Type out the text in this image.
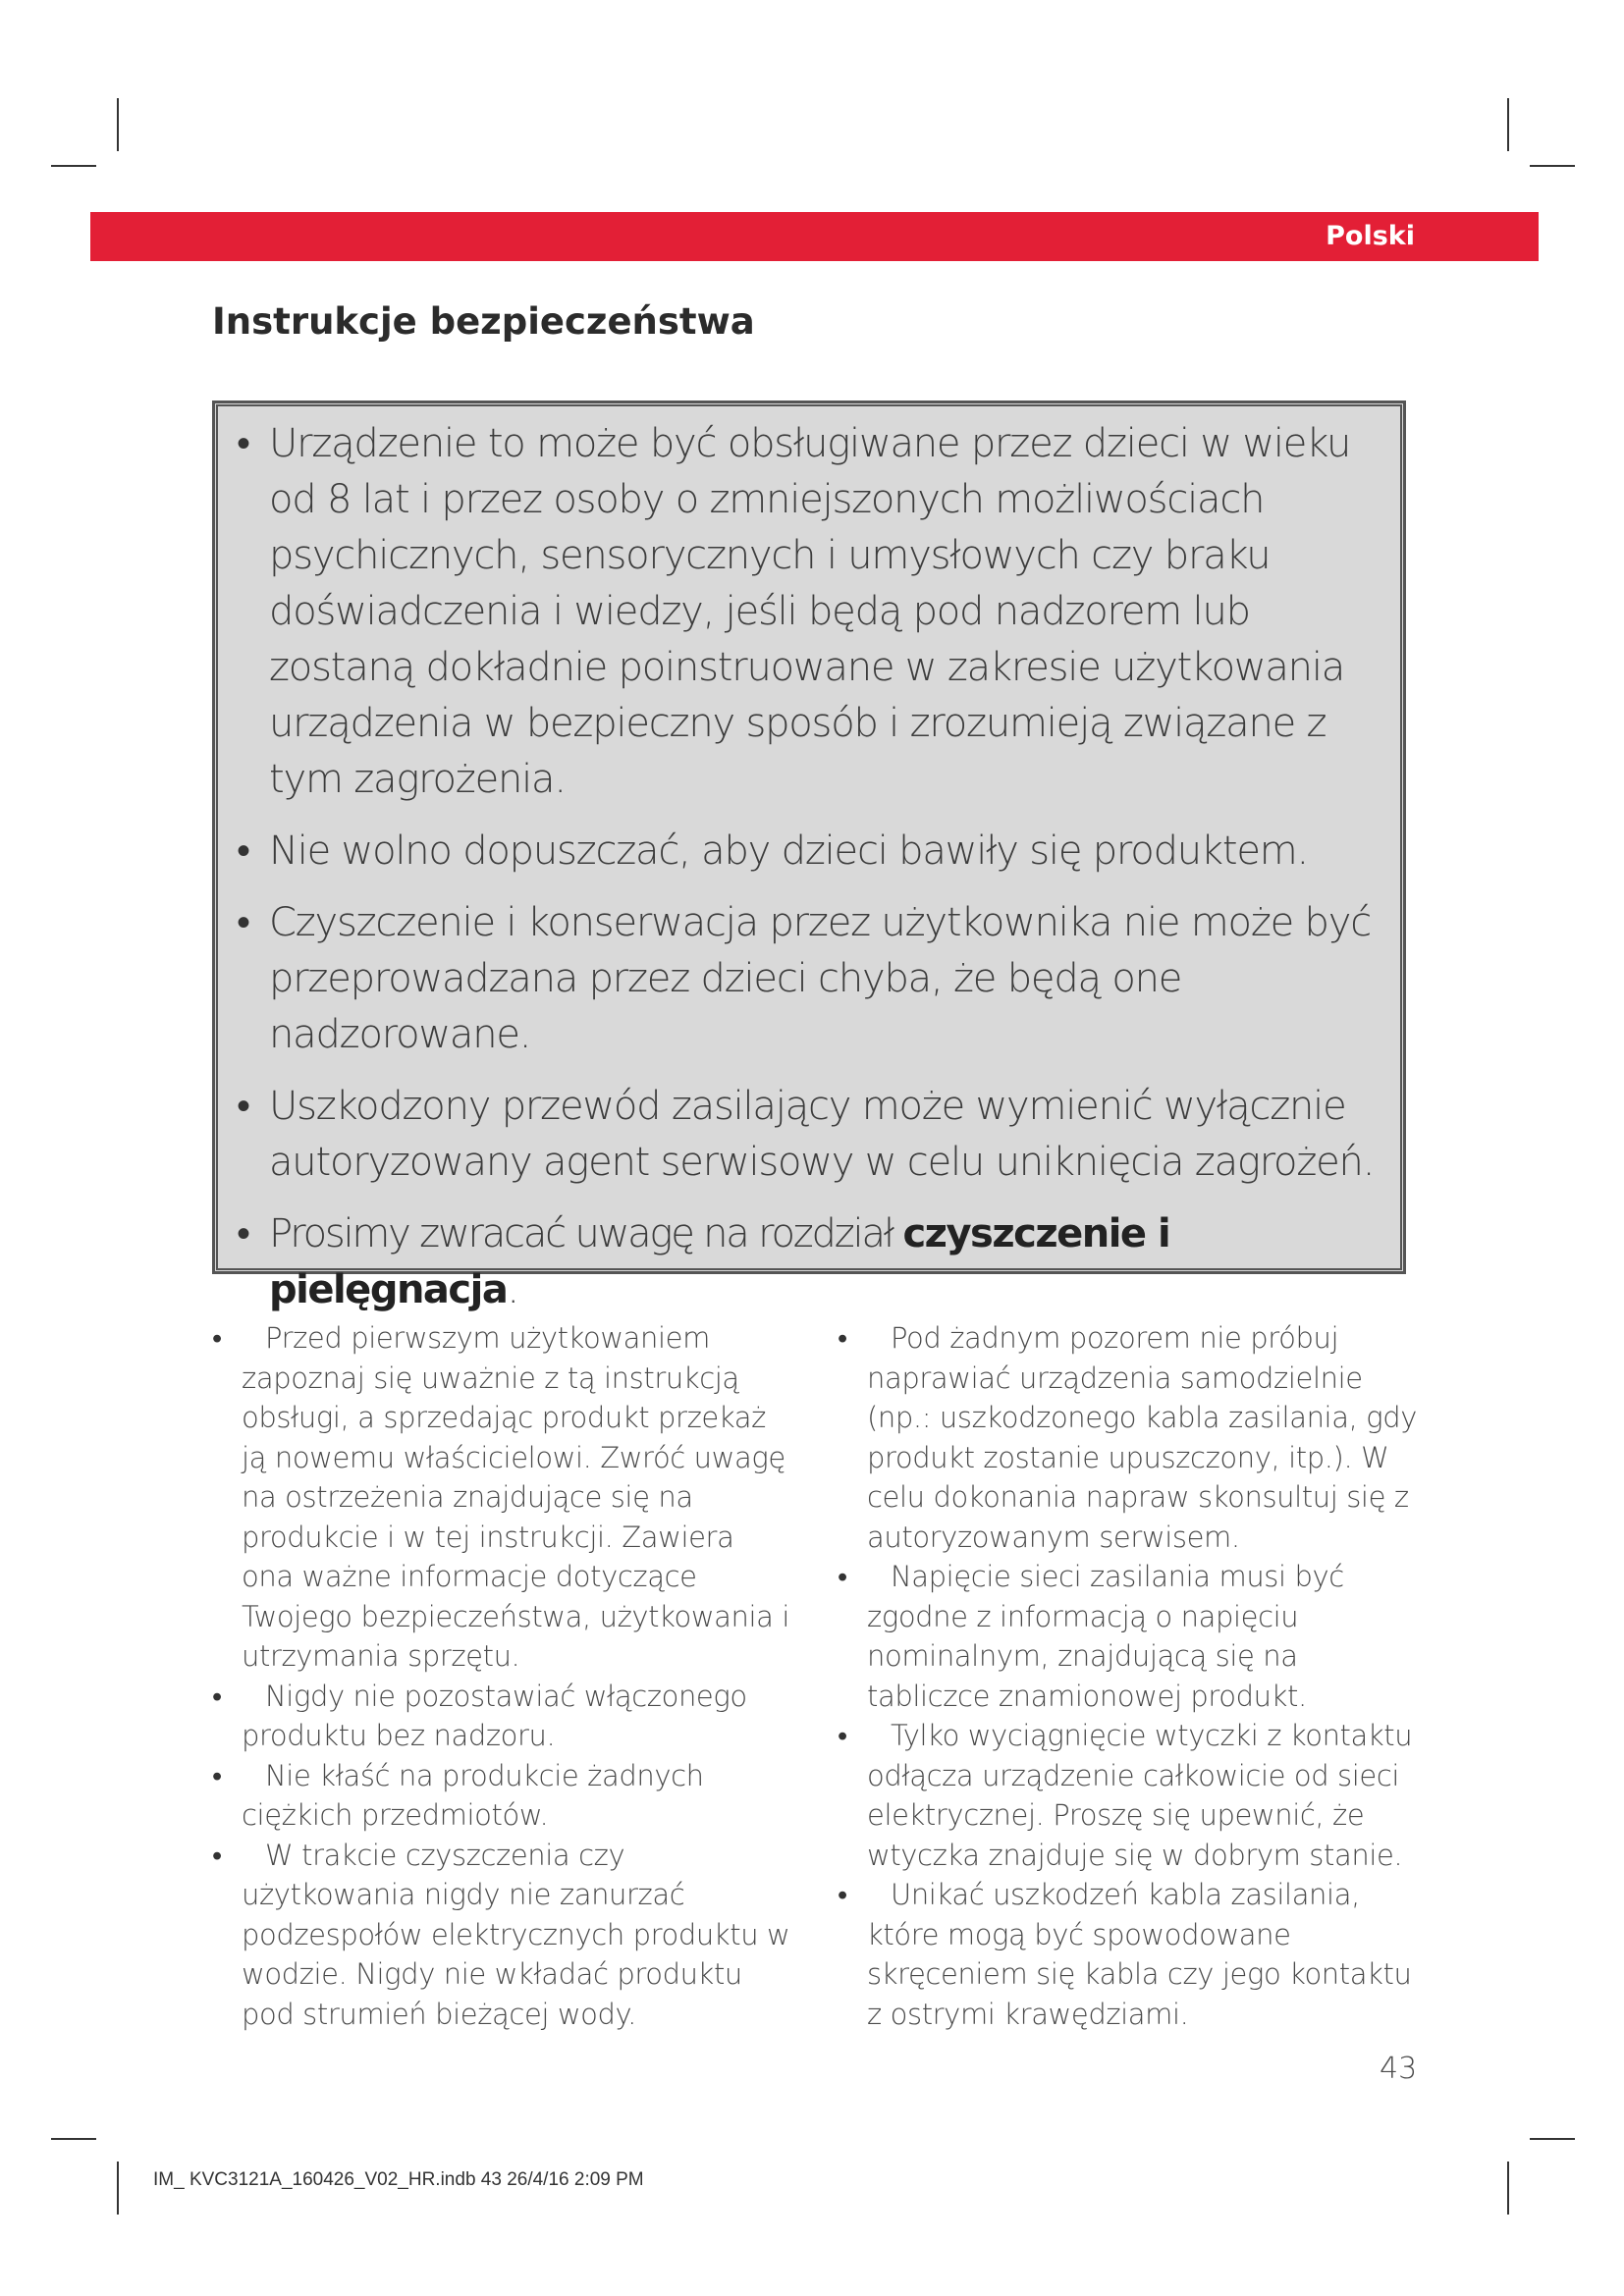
Polski
Instrukcje bezpieczeństwa
• Urządzenie to może być obsługiwane przez dzieci w wieku od 8 lat i przez osoby o zmniejszonych możliwościach psychicznych, sensorycznych i umysłowych czy braku doświadczenia i wiedzy, jeśli będą pod nadzorem lub zostaną dokładnie poinstruowane w zakresie użytkowania urządzenia w bezpieczny sposób i zrozumieją związane z tym zagrożenia.
• Nie wolno dopuszczać, aby dzieci bawiły się produktem.
• Czyszczenie i konserwacja przez użytkownika nie może być przeprowadzana przez dzieci chyba, że będą one nadzorowane.
• Uszkodzony przewód zasilający może wymienić wyłącznie autoryzowany agent serwisowy w celu uniknięcia zagrożeń.
• Prosimy zwracać uwagę na rozdział czyszczenie i pielęgnacja.
•	Przed pierwszym użytkowaniem zapoznaj się uważnie z tą instrukcją obsługi, a sprzedając produkt przekaż ją nowemu właścicielowi. Zwróć uwagę na ostrzeżenia znajdujące się na produkcie i w tej instrukcji. Zawiera ona ważne informacje dotyczące Twojego bezpieczeństwa, użytkowania i utrzymania sprzętu.
•	Nigdy nie pozostawiać włączonego produktu bez nadzoru.
•	Nie kłaść na produkcie żadnych ciężkich przedmiotów.
•	W trakcie czyszczenia czy użytkowania nigdy nie zanurzać podzespołów elektrycznych produktu w wodzie. Nigdy nie wkładać produktu pod strumień bieżącej wody.
•	Pod żadnym pozorem nie próbuj naprawiać urządzenia samodzielnie (np.: uszkodzonego kabla zasilania, gdy produkt zostanie upuszczony, itp.). W celu dokonania napraw skonsultuj się z autoryzowanym serwisem.
•	Napięcie sieci zasilania musi być zgodne z informacją o napięciu nominalnym, znajdującą się na tabliczce znamionowej produkt.
•	Tylko wyciągnięcie wtyczki z kontaktu odłącza urządzenie całkowicie od sieci elektrycznej. Proszę się upewnić, że wtyczka znajduje się w dobrym stanie.
•	Unikać uszkodzeń kabla zasilania, które mogą być spowodowane skręceniem się kabla czy jego kontaktu z ostrymi krawędziami.
43
IM_ KVC3121A_160426_V02_HR.indb 43 26/4/16 2:09 PM
